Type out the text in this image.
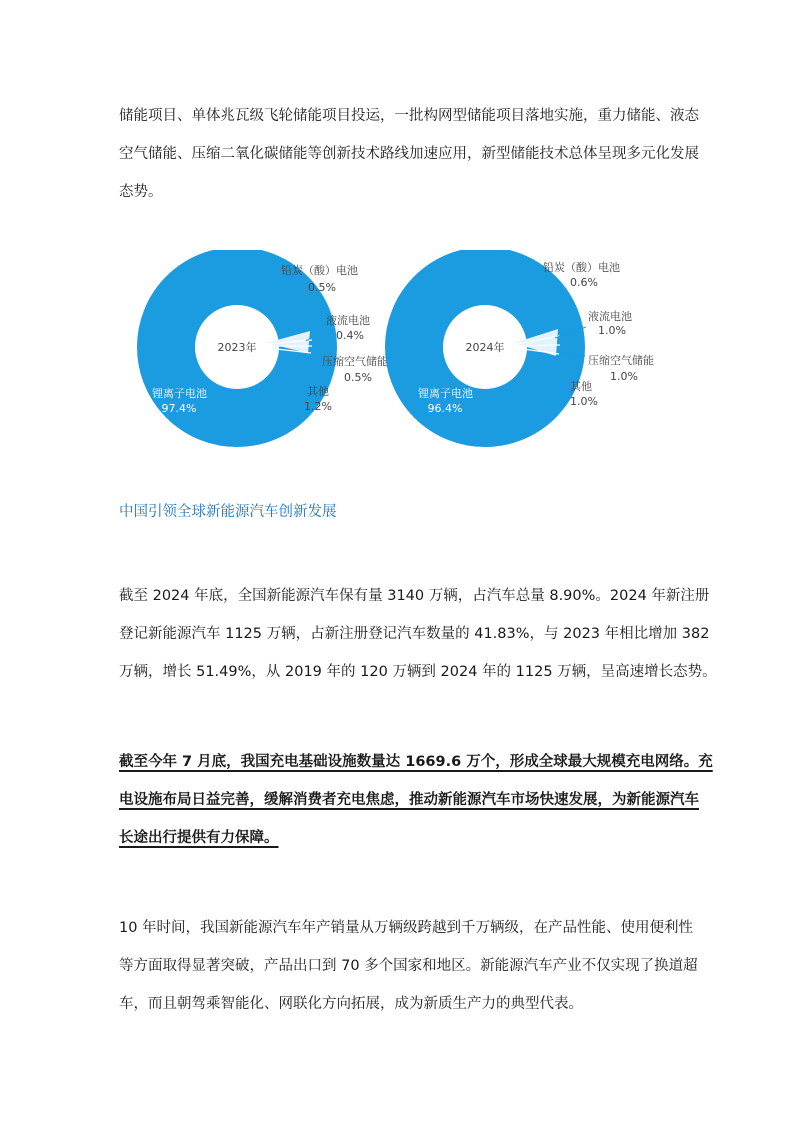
储能项目、单体兆瓦级飞轮储能项目投运，一批构网型储能项目落地实施，重力储能、液态
空气储能、压缩二氧化碳储能等创新技术路线加速应用，新型储能技术总体呈现多元化发展
态势。

2023年
铅炭（酸）电池
0.5%
液流电池
0.4%
压缩空气储能
0.5%
其他
1.2%
锂离子电池
97.4%
2024年
铅炭（酸）电池
0.6%
液流电池
1.0%
压缩空气储能
1.0%
其他
1.0%
锂离子电池
96.4%
中国引领全球新能源汽车创新发展

截至 2024 年底，全国新能源汽车保有量 3140 万辆，占汽车总量 8.90%。2024 年新注册
登记新能源汽车 1125 万辆，占新注册登记汽车数量的 41.83%，与 2023 年相比增加 382
万辆，增长 51.49%，从 2019 年的 120 万辆到 2024 年的 1125 万辆，呈高速增长态势。

截至今年 7 月底，我国充电基础设施数量达 1669.6 万个，形成全球最大规模充电网络。充
电设施布局日益完善，缓解消费者充电焦虑，推动新能源汽车市场快速发展，为新能源汽车
长途出行提供有力保障。

10 年时间，我国新能源汽车年产销量从万辆级跨越到千万辆级，在产品性能、使用便利性
等方面取得显著突破，产品出口到 70 多个国家和地区。新能源汽车产业不仅实现了换道超
车，而且朝驾乘智能化、网联化方向拓展，成为新质生产力的典型代表。
